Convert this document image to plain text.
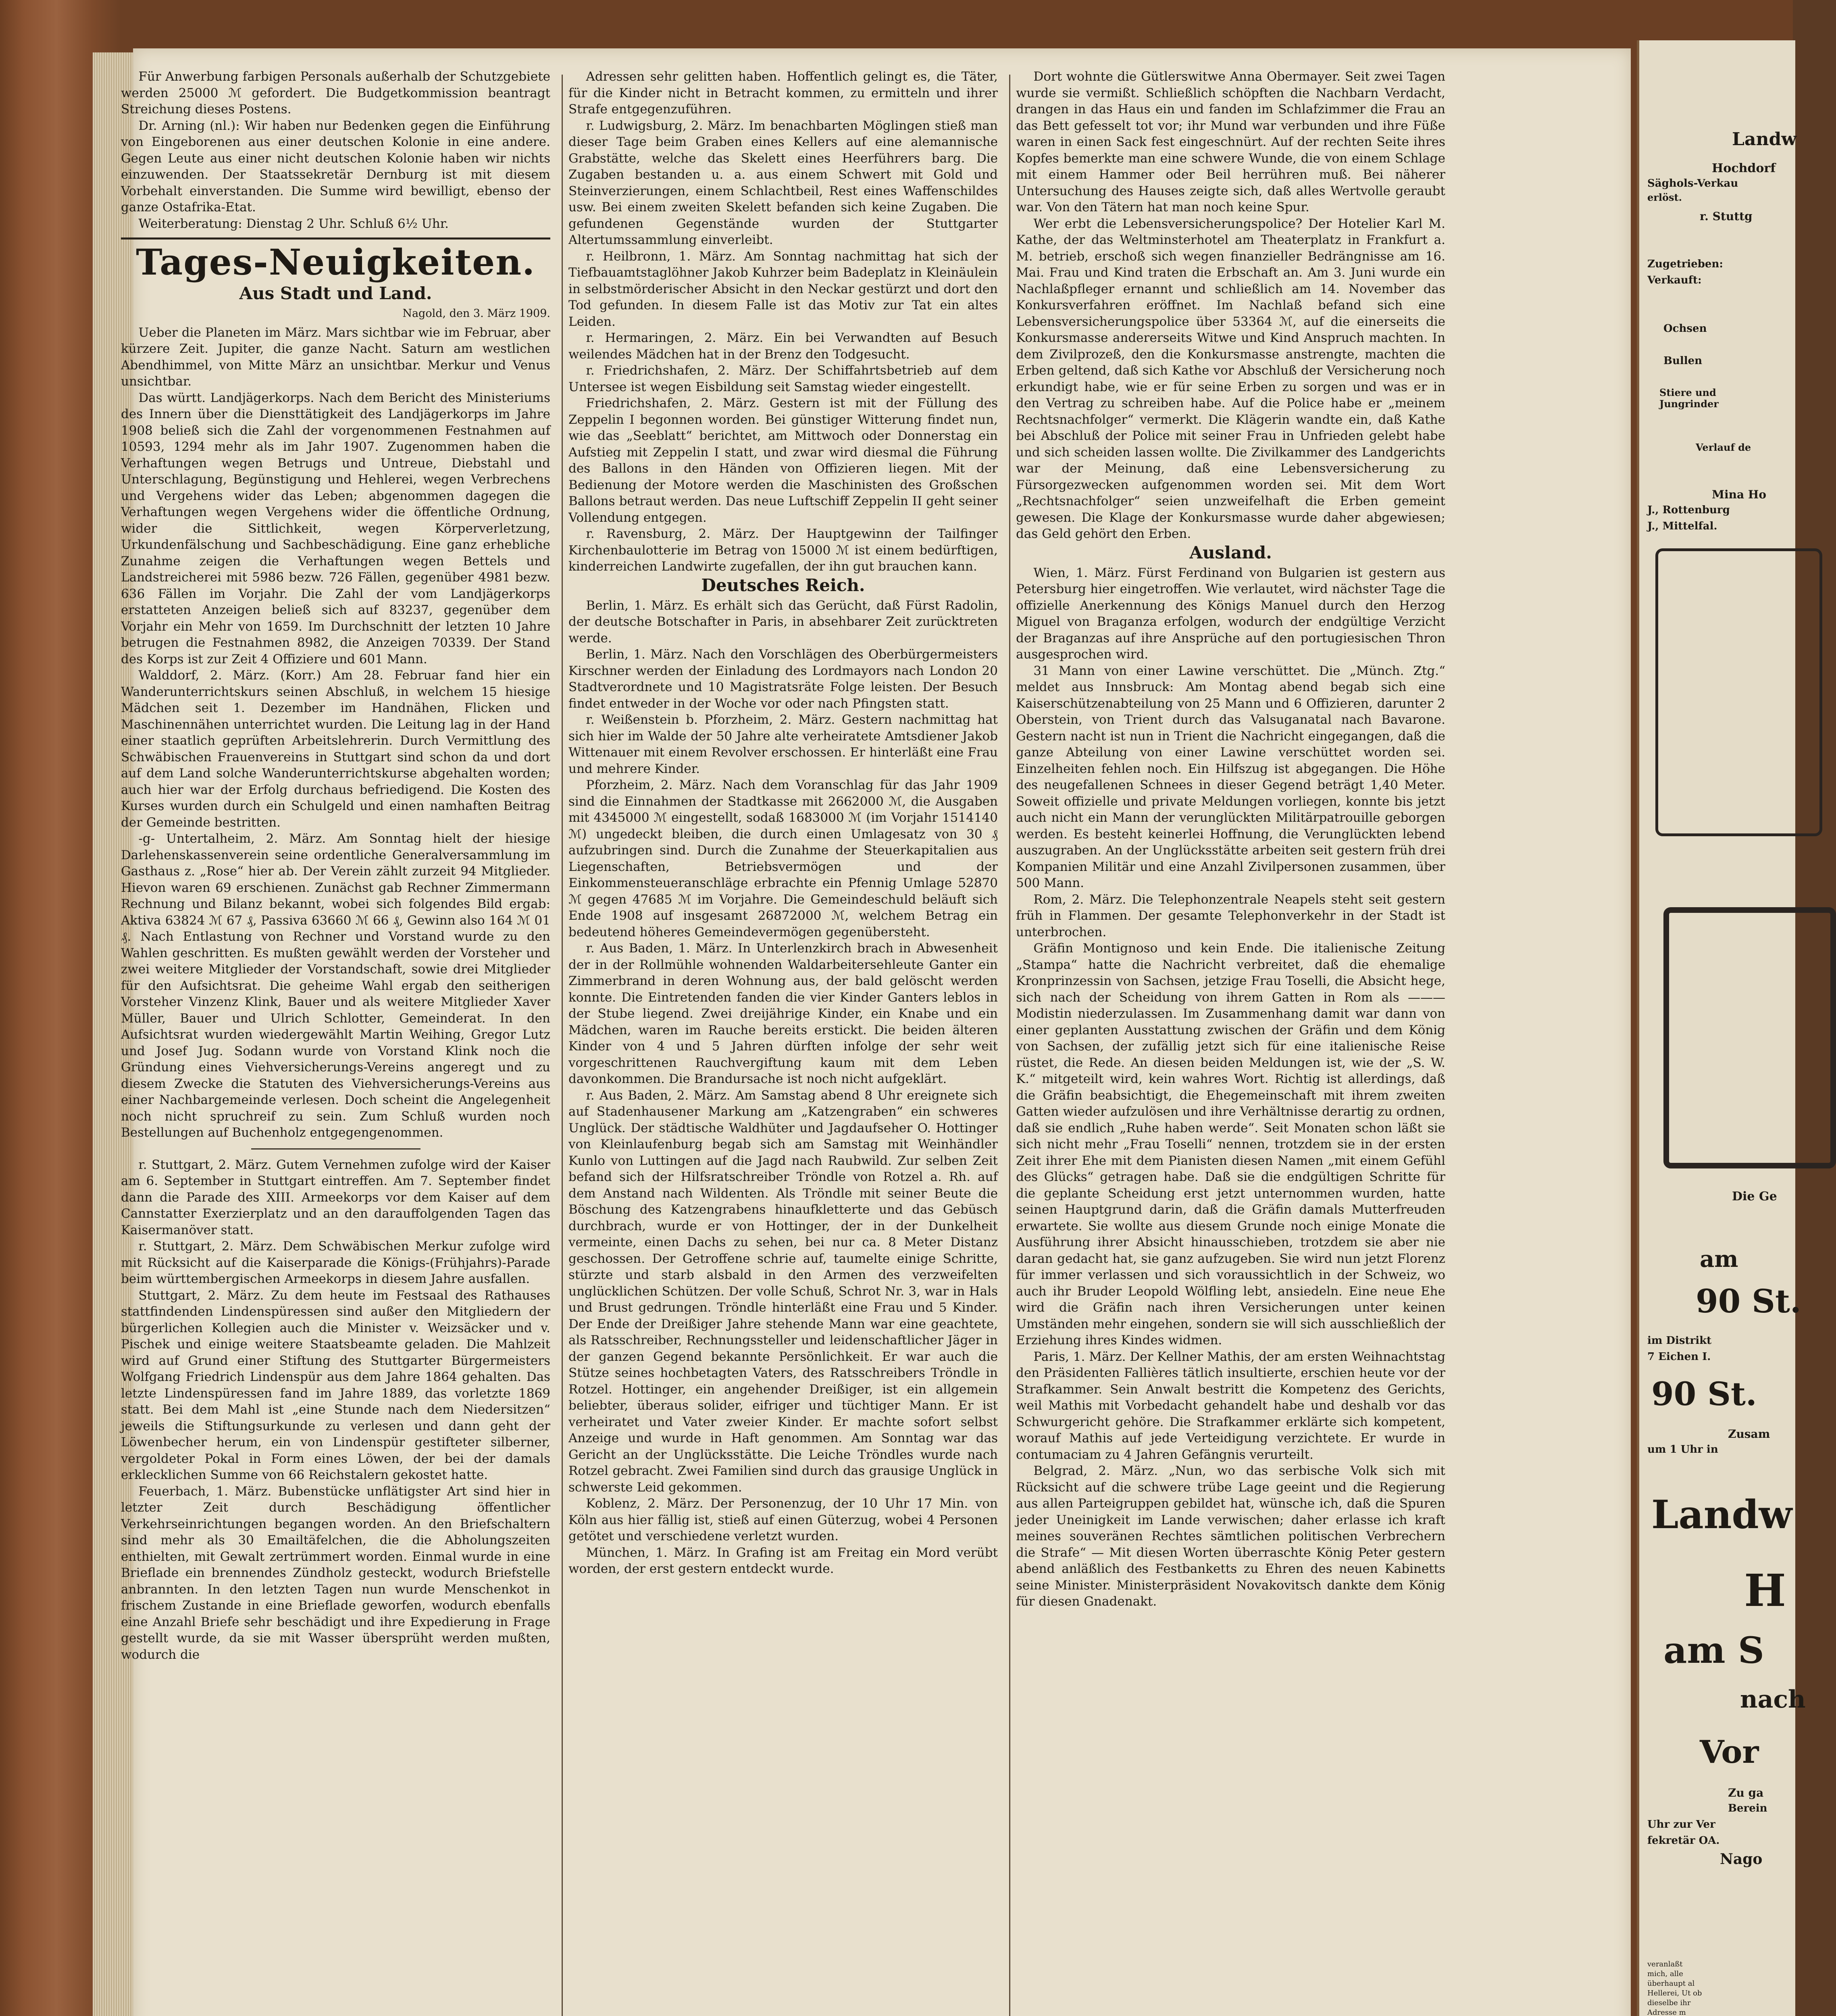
Für Anwerbung farbigen Personals außerhalb der Schutzgebiete werden 25000 ℳ gefordert. Die Budgetkommission beantragt Streichung dieses Postens.

Dr. Arning (nl.): Wir haben nur Bedenken gegen die Einführung von Eingeborenen aus einer deutschen Kolonie in eine andere. Gegen Leute aus einer nicht deutschen Kolonie haben wir nichts einzuwenden. Der Staatssekretär Dernburg ist mit diesem Vorbehalt einverstanden. Die Summe wird bewilligt, ebenso der ganze Ostafrika-Etat.

Weiterberatung: Dienstag 2 Uhr. Schluß 6½ Uhr.

Tages-Neuigkeiten.
Aus Stadt und Land.
Nagold, den 3. März 1909.

Ueber die Planeten im März. Mars sichtbar wie im Februar, aber kürzere Zeit. Jupiter, die ganze Nacht. Saturn am westlichen Abendhimmel, von Mitte März an unsichtbar. Merkur und Venus unsichtbar.

Das württ. Landjägerkorps. Nach dem Bericht des Ministeriums des Innern über die Diensttätigkeit des Landjägerkorps im Jahre 1908 beließ sich die Zahl der vorgenommenen Festnahmen auf 10593, 1294 mehr als im Jahr 1907. Zugenommen haben die Verhaftungen wegen Betrugs und Untreue, Diebstahl und Unterschlagung, Begünstigung und Hehlerei, wegen Verbrechens und Vergehens wider das Leben; abgenommen dagegen die Verhaftungen wegen Vergehens wider die öffentliche Ordnung, wider die Sittlichkeit, wegen Körperverletzung, Urkundenfälschung und Sachbeschädigung. Eine ganz erhebliche Zunahme zeigen die Verhaftungen wegen Bettels und Landstreicherei mit 5986 bezw. 726 Fällen, gegenüber 4981 bezw. 636 Fällen im Vorjahr. Die Zahl der vom Landjägerkorps erstatteten Anzeigen beließ sich auf 83237, gegenüber dem Vorjahr ein Mehr von 1659. Im Durchschnitt der letzten 10 Jahre betrugen die Festnahmen 8982, die Anzeigen 70339. Der Stand des Korps ist zur Zeit 4 Offiziere und 601 Mann.

Walddorf, 2. März. (Korr.) Am 28. Februar fand hier ein Wanderunterrichtskurs seinen Abschluß, in welchem 15 hiesige Mädchen seit 1. Dezember im Handnähen, Flicken und Maschinennähen unterrichtet wurden. Die Leitung lag in der Hand einer staatlich geprüften Arbeitslehrerin. Durch Vermittlung des Schwäbischen Frauenvereins in Stuttgart sind schon da und dort auf dem Land solche Wanderunterrichtskurse abgehalten worden; auch hier war der Erfolg durchaus befriedigend. Die Kosten des Kurses wurden durch ein Schulgeld und einen namhaften Beitrag der Gemeinde bestritten.

-g- Untertalheim, 2. März. Am Sonntag hielt der hiesige Darlehenskassenverein seine ordentliche Generalversammlung im Gasthaus z. „Rose“ hier ab. Der Verein zählt zurzeit 94 Mitglieder. Hievon waren 69 erschienen. Zunächst gab Rechner Zimmermann Rechnung und Bilanz bekannt, wobei sich folgendes Bild ergab: Aktiva 63824 ℳ 67 ₰, Passiva 63660 ℳ 66 ₰, Gewinn also 164 ℳ 01 ₰. Nach Entlastung von Rechner und Vorstand wurde zu den Wahlen geschritten. Es mußten gewählt werden der Vorsteher und zwei weitere Mitglieder der Vorstandschaft, sowie drei Mitglieder für den Aufsichtsrat. Die geheime Wahl ergab den seitherigen Vorsteher Vinzenz Klink, Bauer und als weitere Mitglieder Xaver Müller, Bauer und Ulrich Schlotter, Gemeinderat. In den Aufsichtsrat wurden wiedergewählt Martin Weihing, Gregor Lutz und Josef Jug. Sodann wurde von Vorstand Klink noch die Gründung eines Viehversicherungs-Vereins angeregt und zu diesem Zwecke die Statuten des Viehversicherungs-Vereins aus einer Nachbargemeinde verlesen. Doch scheint die Angelegenheit noch nicht spruchreif zu sein. Zum Schluß wurden noch Bestellungen auf Buchenholz entgegengenommen.

r. Stuttgart, 2. März. Gutem Vernehmen zufolge wird der Kaiser am 6. September in Stuttgart eintreffen. Am 7. September findet dann die Parade des XIII. Armeekorps vor dem Kaiser auf dem Cannstatter Exerzierplatz und an den darauffolgenden Tagen das Kaisermanöver statt.

r. Stuttgart, 2. März. Dem Schwäbischen Merkur zufolge wird mit Rücksicht auf die Kaiserparade die Königs-(Frühjahrs)-Parade beim württembergischen Armeekorps in diesem Jahre ausfallen.

Stuttgart, 2. März. Zu dem heute im Festsaal des Rathauses stattfindenden Lindenspüressen sind außer den Mitgliedern der bürgerlichen Kollegien auch die Minister v. Weizsäcker und v. Pischek und einige weitere Staatsbeamte geladen. Die Mahlzeit wird auf Grund einer Stiftung des Stuttgarter Bürgermeisters Wolfgang Friedrich Lindenspür aus dem Jahre 1864 gehalten. Das letzte Lindenspüressen fand im Jahre 1889, das vorletzte 1869 statt. Bei dem Mahl ist „eine Stunde nach dem Niedersitzen“ jeweils die Stiftungsurkunde zu verlesen und dann geht der Löwenbecher herum, ein von Lindenspür gestifteter silberner, vergoldeter Pokal in Form eines Löwen, der bei der damals erklecklichen Summe von 66 Reichstalern gekostet hatte.

Feuerbach, 1. März. Bubenstücke unflätigster Art sind hier in letzter Zeit durch Beschädigung öffentlicher Verkehrseinrichtungen begangen worden. An den Briefschaltern sind mehr als 30 Emailtäfelchen, die die Abholungszeiten enthielten, mit Gewalt zertrümmert worden. Einmal wurde in eine Brieflade ein brennendes Zündholz gesteckt, wodurch Briefstelle anbrannten. In den letzten Tagen nun wurde Menschenkot in frischem Zustande in eine Brieflade geworfen, wodurch ebenfalls eine Anzahl Briefe sehr beschädigt und ihre Expedierung in Frage gestellt wurde, da sie mit Wasser übersprüht werden mußten, wodurch die

Adressen sehr gelitten haben. Hoffentlich gelingt es, die Täter, für die Kinder nicht in Betracht kommen, zu ermitteln und ihrer Strafe entgegenzuführen.

r. Ludwigsburg, 2. März. Im benachbarten Möglingen stieß man dieser Tage beim Graben eines Kellers auf eine alemannische Grabstätte, welche das Skelett eines Heerführers barg. Die Zugaben bestanden u. a. aus einem Schwert mit Gold und Steinverzierungen, einem Schlachtbeil, Rest eines Waffenschildes usw. Bei einem zweiten Skelett befanden sich keine Zugaben. Die gefundenen Gegenstände wurden der Stuttgarter Altertumssammlung einverleibt.

r. Heilbronn, 1. März. Am Sonntag nachmittag hat sich der Tiefbauamtstaglöhner Jakob Kuhrzer beim Badeplatz in Kleinäulein in selbstmörderischer Absicht in den Neckar gestürzt und dort den Tod gefunden. In diesem Falle ist das Motiv zur Tat ein altes Leiden.

r. Hermaringen, 2. März. Ein bei Verwandten auf Besuch weilendes Mädchen hat in der Brenz den Todgesucht.

r. Friedrichshafen, 2. März. Der Schiffahrtsbetrieb auf dem Untersee ist wegen Eisbildung seit Samstag wieder eingestellt.

Friedrichshafen, 2. März. Gestern ist mit der Füllung des Zeppelin I begonnen worden. Bei günstiger Witterung findet nun, wie das „Seeblatt“ berichtet, am Mittwoch oder Donnerstag ein Aufstieg mit Zeppelin I statt, und zwar wird diesmal die Führung des Ballons in den Händen von Offizieren liegen. Mit der Bedienung der Motore werden die Maschinisten des Großschen Ballons betraut werden. Das neue Luftschiff Zeppelin II geht seiner Vollendung entgegen.

r. Ravensburg, 2. März. Der Hauptgewinn der Tailfinger Kirchenbaulotterie im Betrag von 15000 ℳ ist einem bedürftigen, kinderreichen Landwirte zugefallen, der ihn gut brauchen kann.

Deutsches Reich.

Berlin, 1. März. Es erhält sich das Gerücht, daß Fürst Radolin, der deutsche Botschafter in Paris, in absehbarer Zeit zurücktreten werde.

Berlin, 1. März. Nach den Vorschlägen des Oberbürgermeisters Kirschner werden der Einladung des Lordmayors nach London 20 Stadtverordnete und 10 Magistratsräte Folge leisten. Der Besuch findet entweder in der Woche vor oder nach Pfingsten statt.

r. Weißenstein b. Pforzheim, 2. März. Gestern nachmittag hat sich hier im Walde der 50 Jahre alte verheiratete Amtsdiener Jakob Wittenauer mit einem Revolver erschossen. Er hinterläßt eine Frau und mehrere Kinder.

Pforzheim, 2. März. Nach dem Voranschlag für das Jahr 1909 sind die Einnahmen der Stadtkasse mit 2662000 ℳ, die Ausgaben mit 4345000 ℳ eingestellt, sodaß 1683000 ℳ (im Vorjahr 1514140 ℳ) ungedeckt bleiben, die durch einen Umlagesatz von 30 ₰ aufzubringen sind. Durch die Zunahme der Steuerkapitalien aus Liegenschaften, Betriebsvermögen und der Einkommensteueranschläge erbrachte ein Pfennig Umlage 52870 ℳ gegen 47685 ℳ im Vorjahre. Die Gemeindeschuld beläuft sich Ende 1908 auf insgesamt 26872000 ℳ, welchem Betrag ein bedeutend höheres Gemeindevermögen gegenübersteht.

r. Aus Baden, 1. März. In Unterlenzkirch brach in Abwesenheit der in der Rollmühle wohnenden Waldarbeitersehleute Ganter ein Zimmerbrand in deren Wohnung aus, der bald gelöscht werden konnte. Die Eintretenden fanden die vier Kinder Ganters leblos in der Stube liegend. Zwei dreijährige Kinder, ein Knabe und ein Mädchen, waren im Rauche bereits erstickt. Die beiden älteren Kinder von 4 und 5 Jahren dürften infolge der sehr weit vorgeschrittenen Rauchvergiftung kaum mit dem Leben davonkommen. Die Brandursache ist noch nicht aufgeklärt.

r. Aus Baden, 2. März. Am Samstag abend 8 Uhr ereignete sich auf Stadenhausener Markung am „Katzengraben“ ein schweres Unglück. Der städtische Waldhüter und Jagdaufseher O. Hottinger von Kleinlaufenburg begab sich am Samstag mit Weinhändler Kunlo von Luttingen auf die Jagd nach Raubwild. Zur selben Zeit befand sich der Hilfsratschreiber Tröndle von Rotzel a. Rh. auf dem Anstand nach Wildenten. Als Tröndle mit seiner Beute die Böschung des Katzengrabens hinaufkletterte und das Gebüsch durchbrach, wurde er von Hottinger, der in der Dunkelheit vermeinte, einen Dachs zu sehen, bei nur ca. 8 Meter Distanz geschossen. Der Getroffene schrie auf, taumelte einige Schritte, stürzte und starb alsbald in den Armen des verzweifelten unglücklichen Schützen. Der volle Schuß, Schrot Nr. 3, war in Hals und Brust gedrungen. Tröndle hinterläßt eine Frau und 5 Kinder. Der Ende der Dreißiger Jahre stehende Mann war eine geachtete, als Ratsschreiber, Rechnungssteller und leidenschaftlicher Jäger in der ganzen Gegend bekannte Persönlichkeit. Er war auch die Stütze seines hochbetagten Vaters, des Ratsschreibers Tröndle in Rotzel. Hottinger, ein angehender Dreißiger, ist ein allgemein beliebter, überaus solider, eifriger und tüchtiger Mann. Er ist verheiratet und Vater zweier Kinder. Er machte sofort selbst Anzeige und wurde in Haft genommen. Am Sonntag war das Gericht an der Unglücksstätte. Die Leiche Tröndles wurde nach Rotzel gebracht. Zwei Familien sind durch das grausige Unglück in schwerste Leid gekommen.

Koblenz, 2. März. Der Personenzug, der 10 Uhr 17 Min. von Köln aus hier fällig ist, stieß auf einen Güterzug, wobei 4 Personen getötet und verschiedene verletzt wurden.

München, 1. März. In Grafing ist am Freitag ein Mord verübt worden, der erst gestern entdeckt wurde.

Dort wohnte die Gütlerswitwe Anna Obermayer. Seit zwei Tagen wurde sie vermißt. Schließlich schöpften die Nachbarn Verdacht, drangen in das Haus ein und fanden im Schlafzimmer die Frau an das Bett gefesselt tot vor; ihr Mund war verbunden und ihre Füße waren in einen Sack fest eingeschnürt. Auf der rechten Seite ihres Kopfes bemerkte man eine schwere Wunde, die von einem Schlage mit einem Hammer oder Beil herrühren muß. Bei näherer Untersuchung des Hauses zeigte sich, daß alles Wertvolle geraubt war. Von den Tätern hat man noch keine Spur.

Wer erbt die Lebensversicherungspolice? Der Hotelier Karl M. Kathe, der das Weltminsterhotel am Theaterplatz in Frankfurt a. M. betrieb, erschoß sich wegen finanzieller Bedrängnisse am 16. Mai. Frau und Kind traten die Erbschaft an. Am 3. Juni wurde ein Nachlaßpfleger ernannt und schließlich am 14. November das Konkursverfahren eröffnet. Im Nachlaß befand sich eine Lebensversicherungspolice über 53364 ℳ, auf die einerseits die Konkursmasse andererseits Witwe und Kind Anspruch machten. In dem Zivilprozeß, den die Konkursmasse anstrengte, machten die Erben geltend, daß sich Kathe vor Abschluß der Versicherung noch erkundigt habe, wie er für seine Erben zu sorgen und was er in den Vertrag zu schreiben habe. Auf die Police habe er „meinem Rechtsnachfolger“ vermerkt. Die Klägerin wandte ein, daß Kathe bei Abschluß der Police mit seiner Frau in Unfrieden gelebt habe und sich scheiden lassen wollte. Die Zivilkammer des Landgerichts war der Meinung, daß eine Lebensversicherung zu Fürsorgezwecken aufgenommen worden sei. Mit dem Wort „Rechtsnachfolger“ seien unzweifelhaft die Erben gemeint gewesen. Die Klage der Konkursmasse wurde daher abgewiesen; das Geld gehört den Erben.

Ausland.

Wien, 1. März. Fürst Ferdinand von Bulgarien ist gestern aus Petersburg hier eingetroffen. Wie verlautet, wird nächster Tage die offizielle Anerkennung des Königs Manuel durch den Herzog Miguel von Braganza erfolgen, wodurch der endgültige Verzicht der Braganzas auf ihre Ansprüche auf den portugiesischen Thron ausgesprochen wird.

31 Mann von einer Lawine verschüttet. Die „Münch. Ztg.“ meldet aus Innsbruck: Am Montag abend begab sich eine Kaiserschützenabteilung von 25 Mann und 6 Offizieren, darunter 2 Oberstein, von Trient durch das Valsuganatal nach Bavarone. Gestern nacht ist nun in Trient die Nachricht eingegangen, daß die ganze Abteilung von einer Lawine verschüttet worden sei. Einzelheiten fehlen noch. Ein Hilfszug ist abgegangen. Die Höhe des neugefallenen Schnees in dieser Gegend beträgt 1,40 Meter. Soweit offizielle und private Meldungen vorliegen, konnte bis jetzt auch nicht ein Mann der verunglückten Militärpatrouille geborgen werden. Es besteht keinerlei Hoffnung, die Verunglückten lebend auszugraben. An der Unglücksstätte arbeiten seit gestern früh drei Kompanien Militär und eine Anzahl Zivilpersonen zusammen, über 500 Mann.

Rom, 2. März. Die Telephonzentrale Neapels steht seit gestern früh in Flammen. Der gesamte Telephonverkehr in der Stadt ist unterbrochen.

Gräfin Montignoso und kein Ende. Die italienische Zeitung „Stampa“ hatte die Nachricht verbreitet, daß die ehemalige Kronprinzessin von Sachsen, jetzige Frau Toselli, die Absicht hege, sich nach der Scheidung von ihrem Gatten in Rom als ——— Modistin niederzulassen. Im Zusammenhang damit war dann von einer geplanten Ausstattung zwischen der Gräfin und dem König von Sachsen, der zufällig jetzt sich für eine italienische Reise rüstet, die Rede. An diesen beiden Meldungen ist, wie der „S. W. K.“ mitgeteilt wird, kein wahres Wort. Richtig ist allerdings, daß die Gräfin beabsichtigt, die Ehegemeinschaft mit ihrem zweiten Gatten wieder aufzulösen und ihre Verhältnisse derartig zu ordnen, daß sie endlich „Ruhe haben werde“. Seit Monaten schon läßt sie sich nicht mehr „Frau Toselli“ nennen, trotzdem sie in der ersten Zeit ihrer Ehe mit dem Pianisten diesen Namen „mit einem Gefühl des Glücks“ getragen habe. Daß sie die endgültigen Schritte für die geplante Scheidung erst jetzt unternommen wurden, hatte seinen Hauptgrund darin, daß die Gräfin damals Mutterfreuden erwartete. Sie wollte aus diesem Grunde noch einige Monate die Ausführung ihrer Absicht hinausschieben, trotzdem sie aber nie daran gedacht hat, sie ganz aufzugeben. Sie wird nun jetzt Florenz für immer verlassen und sich voraussichtlich in der Schweiz, wo auch ihr Bruder Leopold Wölfling lebt, ansiedeln. Eine neue Ehe wird die Gräfin nach ihren Versicherungen unter keinen Umständen mehr eingehen, sondern sie will sich ausschließlich der Erziehung ihres Kindes widmen.

Paris, 1. März. Der Kellner Mathis, der am ersten Weihnachtstag den Präsidenten Fallières tätlich insultierte, erschien heute vor der Strafkammer. Sein Anwalt bestritt die Kompetenz des Gerichts, weil Mathis mit Vorbedacht gehandelt habe und deshalb vor das Schwurgericht gehöre. Die Strafkammer erklärte sich kompetent, worauf Mathis auf jede Verteidigung verzichtete. Er wurde in contumaciam zu 4 Jahren Gefängnis verurteilt.

Belgrad, 2. März. „Nun, wo das serbische Volk sich mit Rücksicht auf die schwere trübe Lage geeint und die Regierung aus allen Parteigruppen gebildet hat, wünsche ich, daß die Spuren jeder Uneinigkeit im Lande verwischen; daher erlasse ich kraft meines souveränen Rechtes sämtlichen politischen Verbrechern die Strafe“ — Mit diesen Worten überraschte König Peter gestern abend anläßlich des Festbanketts zu Ehren des neuen Kabinetts seine Minister. Ministerpräsident Novakovitsch dankte dem König für diesen Gnadenakt.

Landw
Hochdorf
Säghols-Verkau
erlöst.
r. Stuttg
Zugetrieben:
Verkauft:
Ochsen
Bullen
Stiere und Jungrinder
Verlauf de
Mina Ho
J., Rottenburg
J., Mittelfal.
Die Ge
am
90 St.
im Distrikt
7 Eichen I.
90 St.
Zusam
um 1 Uhr in
Landw
H
am S
nach
Vor
Zu ga
Berein
Uhr zur Ver
fekretär OA.
Nago
veranlaßt mich, alle überhaupt al Hellerei, Ut ob dieselbe ihr Adresse m
